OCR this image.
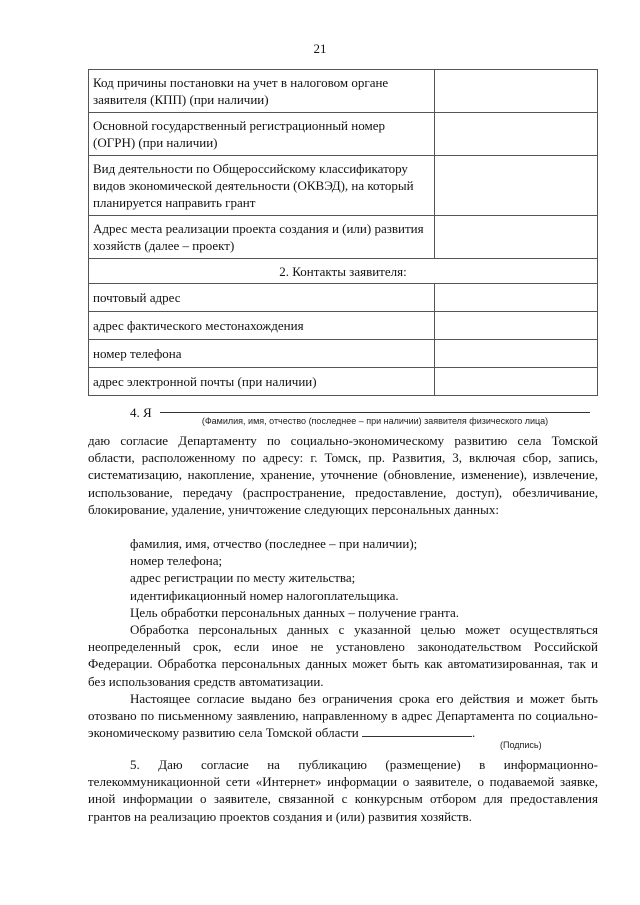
21
Код причины постановки на учет в налоговом органе заявителя (КПП) (при наличии)	
Основной государственный регистрационный номер (ОГРН) (при наличии)	
Вид деятельности по Общероссийскому классификатору видов экономической деятельности (ОКВЭД), на который планируется направить грант	
Адрес места реализации проекта создания и (или) развития хозяйств (далее – проект)	
2. Контакты заявителя:	
почтовый адрес	
адрес фактического местонахождения	
номер телефона	
адрес электронной почты (при наличии)	
4. Я
(Фамилия, имя, отчество (последнее – при наличии) заявителя физического лица)
даю согласие Департаменту по социально-экономическому развитию села Томской области, расположенному по адресу: г. Томск, пр. Развития, 3, включая сбор, запись, систематизацию, накопление, хранение, уточнение (обновление, изменение), извлечение, использование, передачу (распространение, предоставление, доступ), обезличивание, блокирование, удаление, уничтожение следующих персональных данных:
фамилия, имя, отчество (последнее – при наличии);
номер телефона;
адрес регистрации по месту жительства;
идентификационный номер налогоплательщика.
Цель обработки персональных данных – получение гранта.
Обработка персональных данных с указанной целью может осуществляться неопределенный срок, если иное не установлено законодательством Российской Федерации. Обработка персональных данных может быть как автоматизированная, так и без использования средств автоматизации.
Настоящее согласие выдано без ограничения срока его действия и может быть отозвано по письменному заявлению, направленному в адрес Департамента по социально-экономическому развитию села Томской области	.
(Подпись)
5. Даю согласие на публикацию (размещение) в информационно-телекоммуникационной сети «Интернет» информации о заявителе, о подаваемой заявке, иной информации о заявителе, связанной с конкурсным отбором для предоставления грантов на реализацию проектов создания и (или) развития хозяйств.
